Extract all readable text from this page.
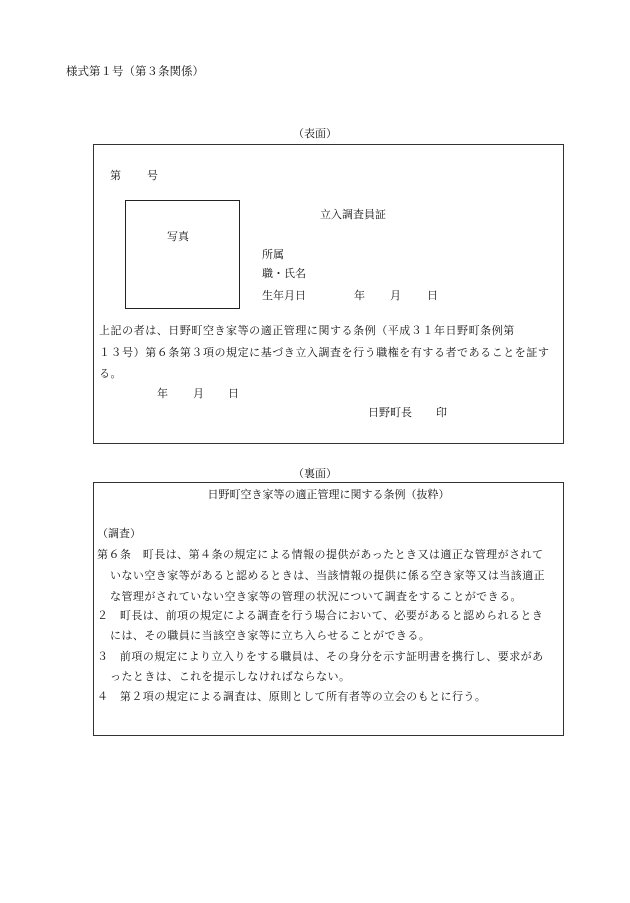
様式第１号（第３条関係）
（表面）
第 号
写真
立入調査員証
所属
職・氏名
生年月日	年 月 日
上記の者は、日野町空き家等の適正管理に関する条例（平成３１年日野町条例第
１３号）第６条第３項の規定に基づき立入調査を行う職権を有する者であることを証す
る。
年 月 日
日野町長 印
（裏面）
日野町空き家等の適正管理に関する条例（抜粋）
（調査）
第６条　町長は、第４条の規定による情報の提供があったとき又は適正な管理がされて
いない空き家等があると認めるときは、当該情報の提供に係る空き家等又は当該適正
な管理がされていない空き家等の管理の状況について調査をすることができる。
２　町長は、前項の規定による調査を行う場合において、必要があると認められるとき
には、その職員に当該空き家等に立ち入らせることができる。
３　前項の規定により立入りをする職員は、その身分を示す証明書を携行し、要求があ
ったときは、これを提示しなければならない。
４　第２項の規定による調査は、原則として所有者等の立会のもとに行う。
